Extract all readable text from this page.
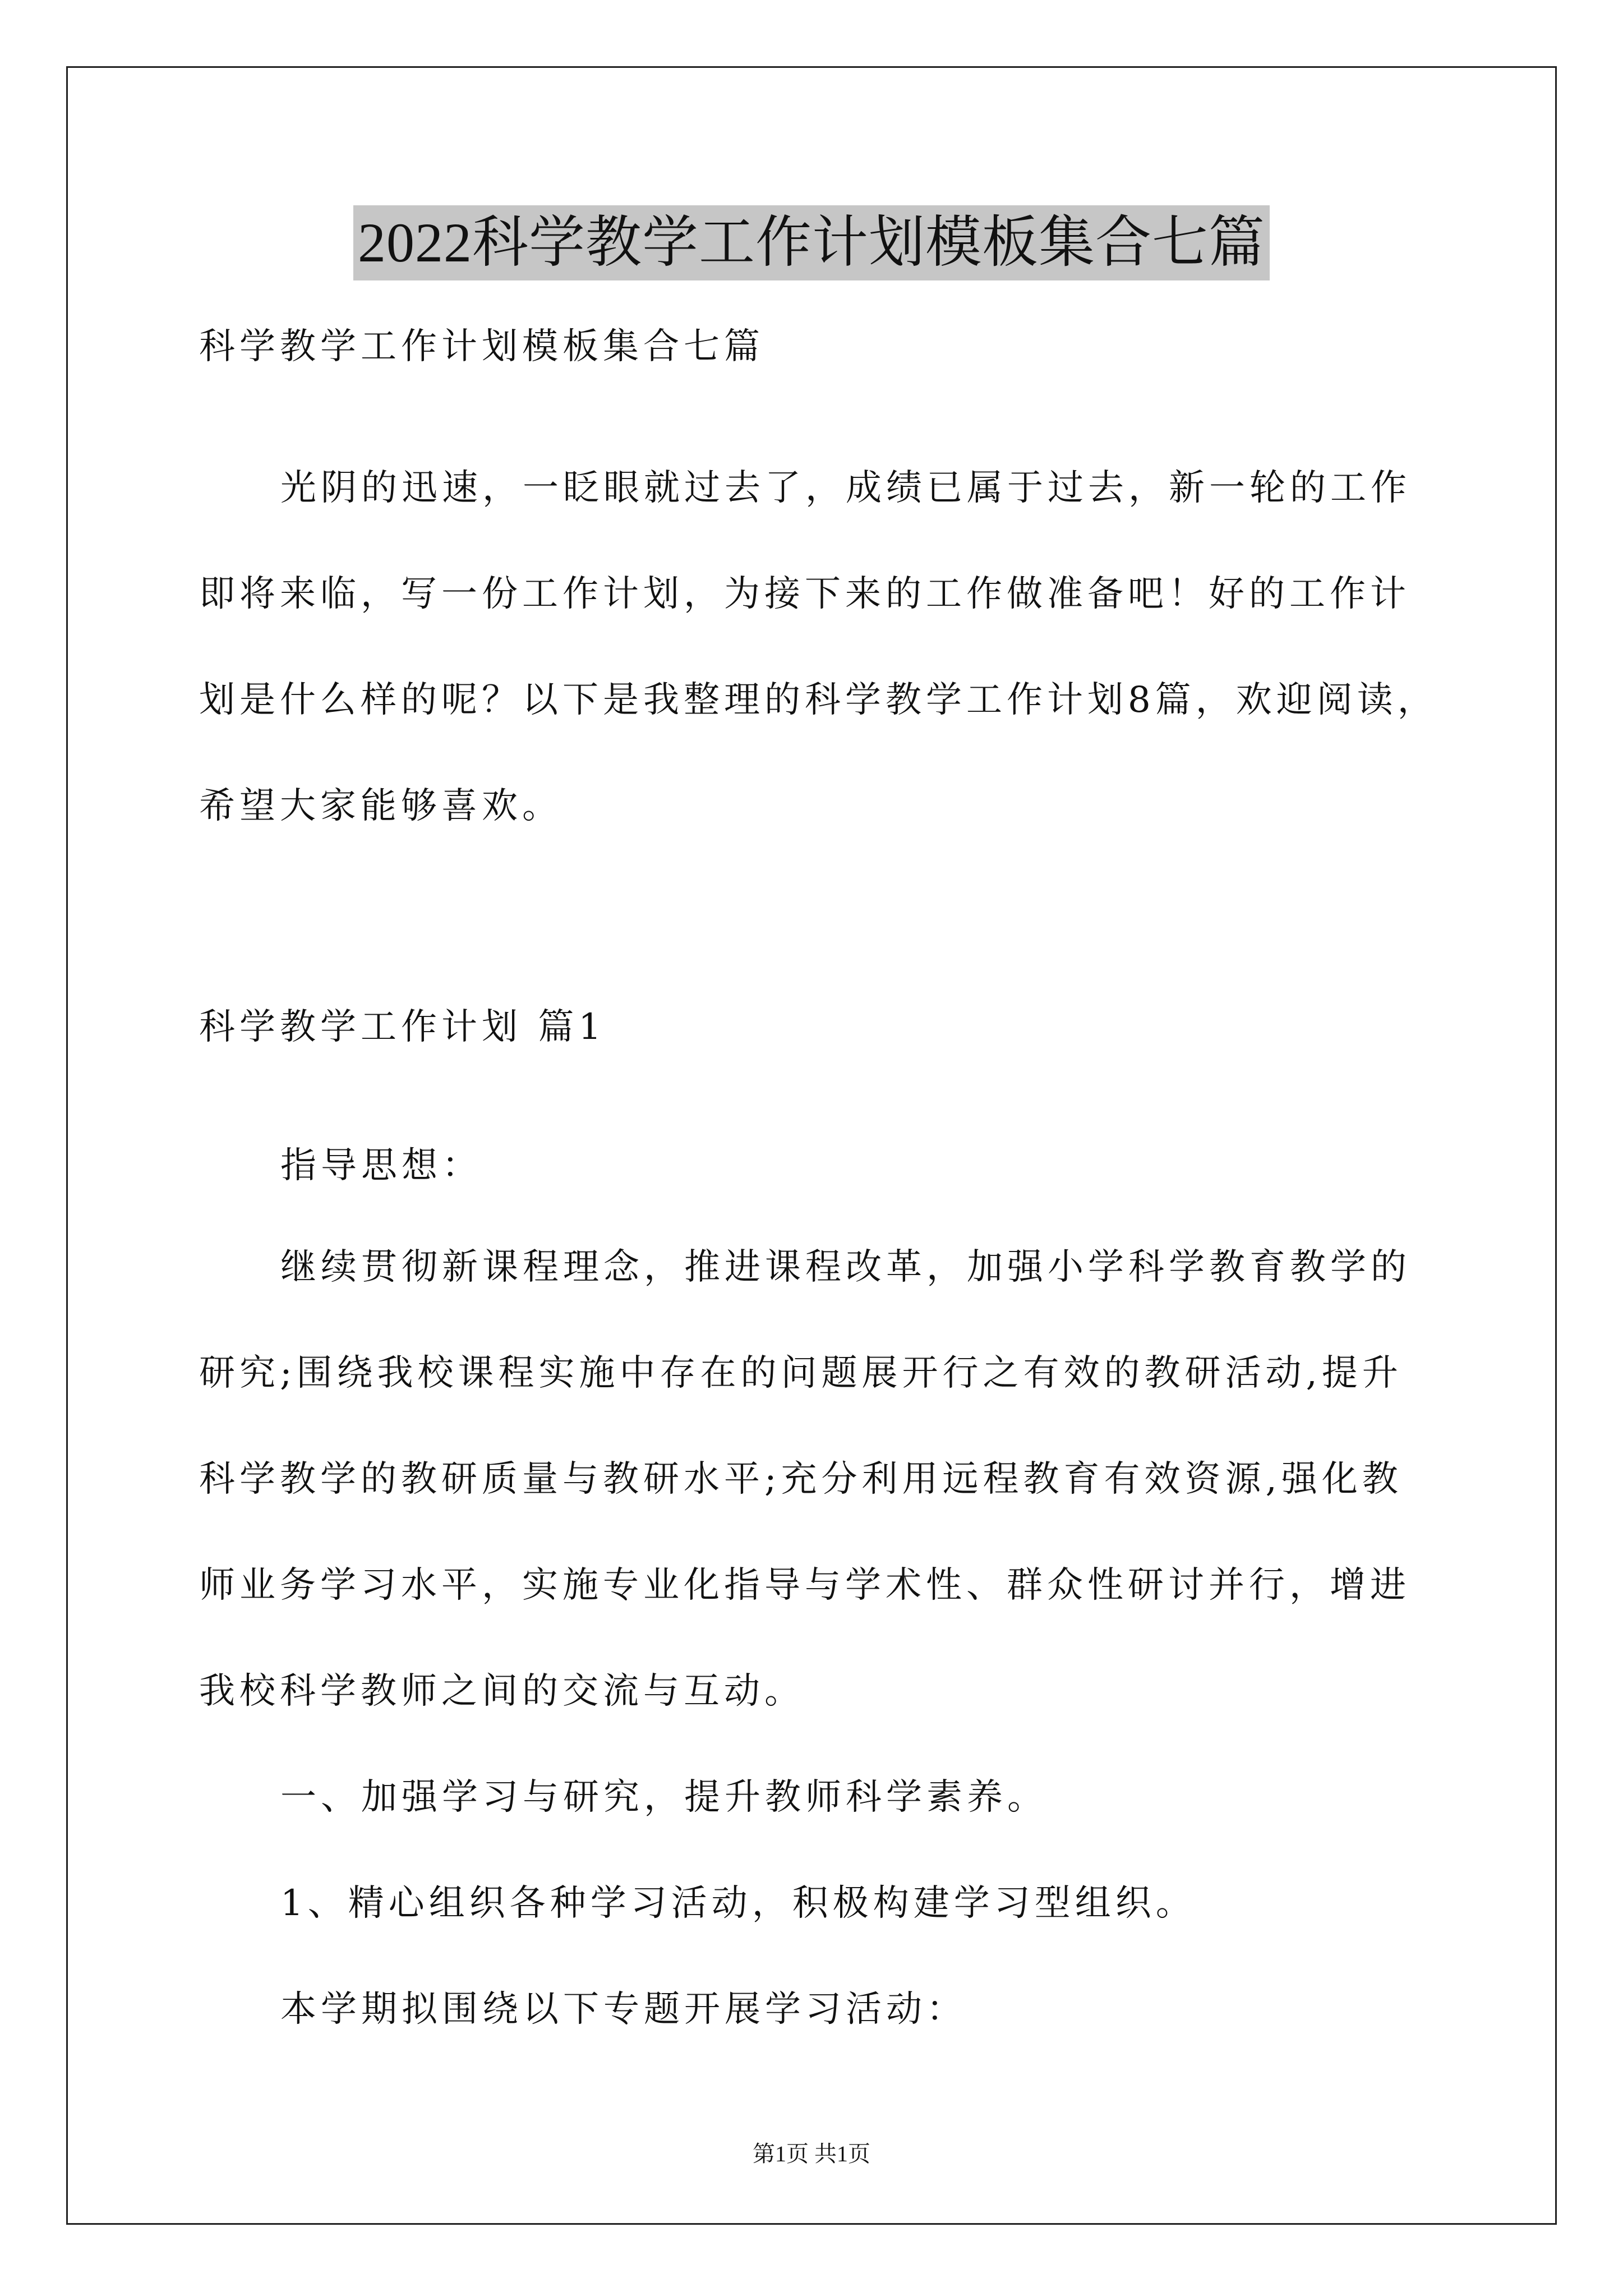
2022科学教学工作计划模板集合七篇
科学教学工作计划模板集合七篇
光阴的迅速，一眨眼就过去了，成绩已属于过去，新一轮的工作
即将来临，写一份工作计划，为接下来的工作做准备吧！好的工作计
划是什么样的呢？以下是我整理的科学教学工作计划8篇，欢迎阅读，
希望大家能够喜欢。
科学教学工作计划 篇1
指导思想：
继续贯彻新课程理念，推进课程改革，加强小学科学教育教学的
研究;围绕我校课程实施中存在的问题展开行之有效的教研活动,提升
科学教学的教研质量与教研水平;充分利用远程教育有效资源,强化教
师业务学习水平，实施专业化指导与学术性、群众性研讨并行，增进
我校科学教师之间的交流与互动。
一、加强学习与研究，提升教师科学素养。
1、精心组织各种学习活动，积极构建学习型组织。
本学期拟围绕以下专题开展学习活动：
第1页 共1页
